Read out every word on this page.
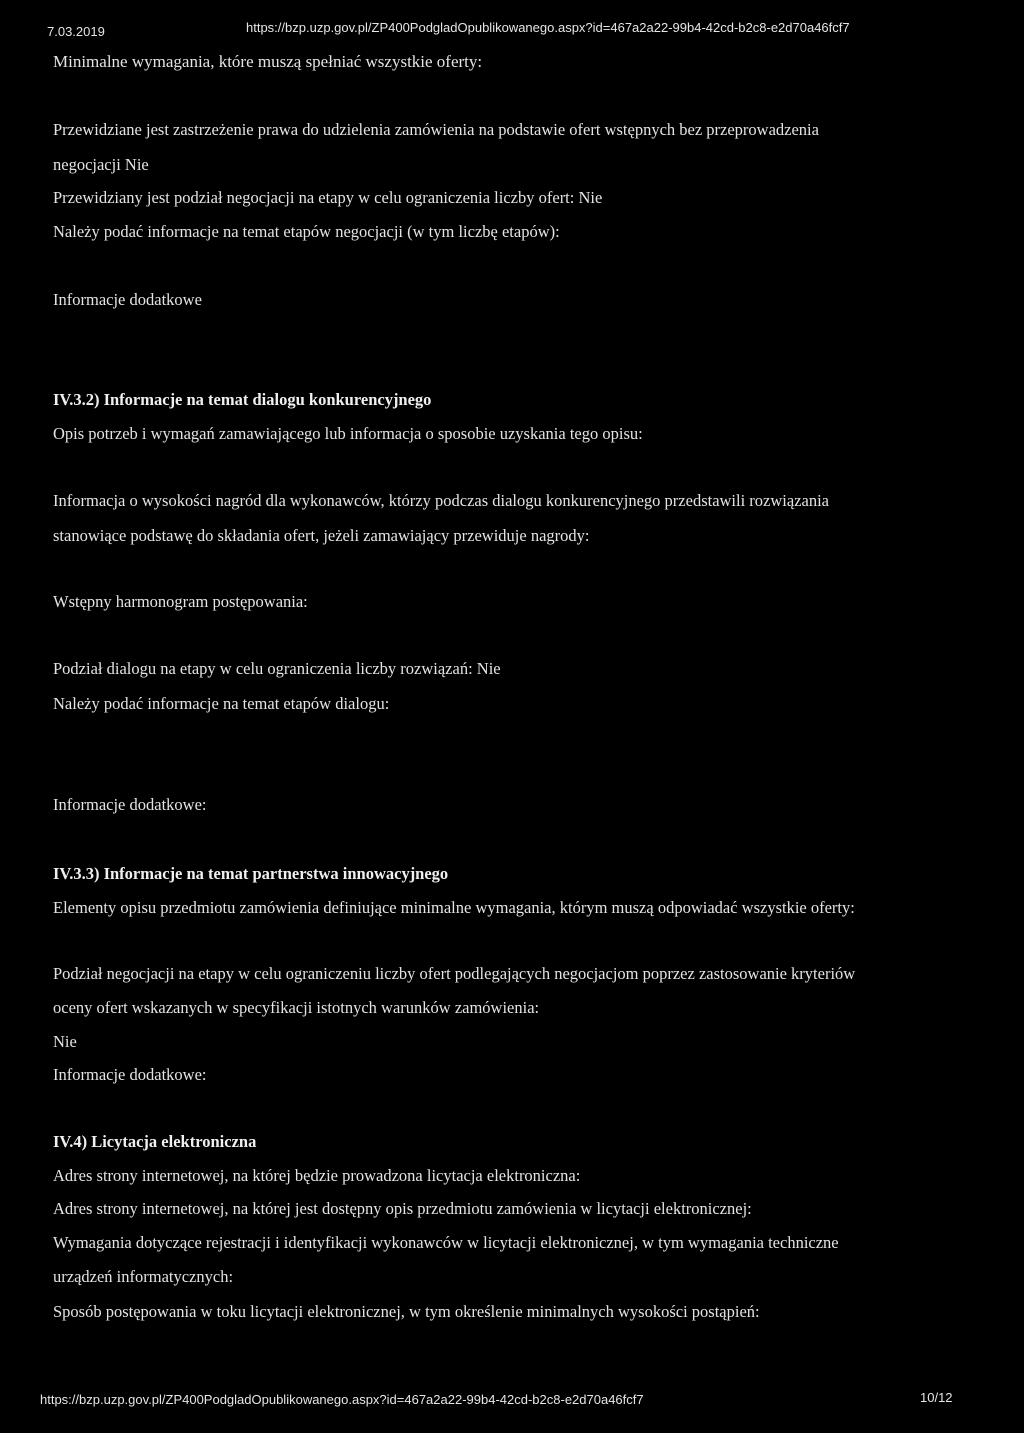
7.03.2019	https://bzp.uzp.gov.pl/ZP400PodgladOpublikowanego.aspx?id=467a2a22-99b4-42cd-b2c8-e2d70a46fcf7
Minimalne wymagania, które muszą spełniać wszystkie oferty:
Przewidziane jest zastrzeżenie prawa do udzielenia zamówienia na podstawie ofert wstępnych bez przeprowadzenia
negocjacji Nie
Przewidziany jest podział negocjacji na etapy w celu ograniczenia liczby ofert: Nie
Należy podać informacje na temat etapów negocjacji (w tym liczbę etapów):
Informacje dodatkowe
IV.3.2) Informacje na temat dialogu konkurencyjnego
Opis potrzeb i wymagań zamawiającego lub informacja o sposobie uzyskania tego opisu:
Informacja o wysokości nagród dla wykonawców, którzy podczas dialogu konkurencyjnego przedstawili rozwiązania
stanowiące podstawę do składania ofert, jeżeli zamawiający przewiduje nagrody:
Wstępny harmonogram postępowania:
Podział dialogu na etapy w celu ograniczenia liczby rozwiązań: Nie
Należy podać informacje na temat etapów dialogu:
Informacje dodatkowe:
IV.3.3) Informacje na temat partnerstwa innowacyjnego
Elementy opisu przedmiotu zamówienia definiujące minimalne wymagania, którym muszą odpowiadać wszystkie oferty:
Podział negocjacji na etapy w celu ograniczeniu liczby ofert podlegających negocjacjom poprzez zastosowanie kryteriów
oceny ofert wskazanych w specyfikacji istotnych warunków zamówienia:
Nie
Informacje dodatkowe:
IV.4) Licytacja elektroniczna
Adres strony internetowej, na której będzie prowadzona licytacja elektroniczna:
Adres strony internetowej, na której jest dostępny opis przedmiotu zamówienia w licytacji elektronicznej:
Wymagania dotyczące rejestracji i identyfikacji wykonawców w licytacji elektronicznej, w tym wymagania techniczne
urządzeń informatycznych:
Sposób postępowania w toku licytacji elektronicznej, w tym określenie minimalnych wysokości postąpień:
https://bzp.uzp.gov.pl/ZP400PodgladOpublikowanego.aspx?id=467a2a22-99b4-42cd-b2c8-e2d70a46fcf7	10/12
